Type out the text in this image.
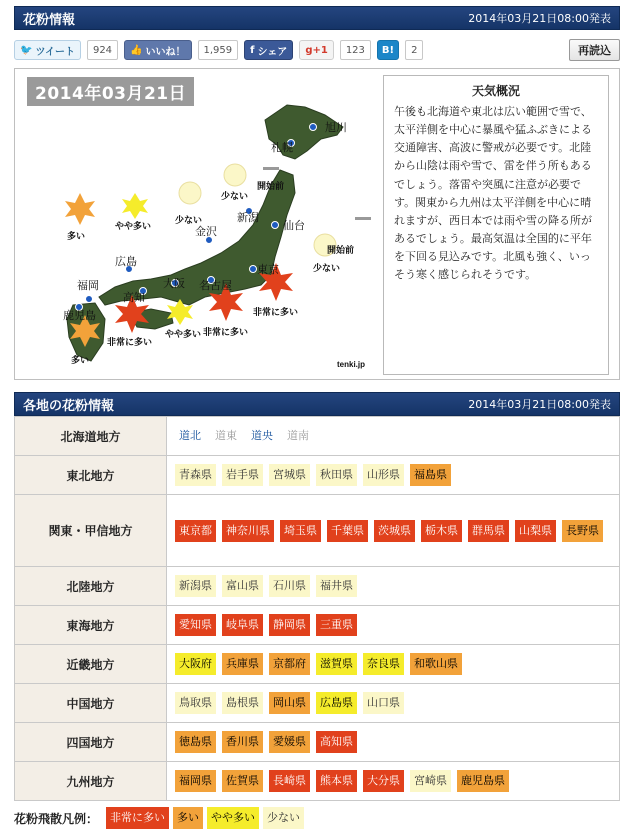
花粉情報	2014年03月21日08:00発表
🐦 ツイート	924	👍 いいね！	1,959	f シェア	g+1	123	B!	2	再読込
旭川
札幌
仙台
新潟
金沢
東京
名古屋
大阪
広島
高知
福岡
鹿児島
開始前
開始前
少ない
少ない
少ない
やや多い
やや多い
多い
多い
非常に多い
非常に多い
非常に多い
tenki.jp
2014年03月21日	天気概況

午後も北海道や東北は広い範囲で雪で、太平洋側を中心に暴風や猛ふぶきによる交通障害、高波に警戒が必要です。北陸から山陰は雨や雪で、雷を伴う所もあるでしょう。落雷や突風に注意が必要です。関東から九州は太平洋側を中心に晴れますが、西日本では雨や雪の降る所があるでしょう。最高気温は全国的に平年を下回る見込みです。北風も強く、いっそう寒く感じられそうです。

各地の花粉情報	2014年03月21日08:00発表
北海道地方	道北 道東 道央 道南
東北地方	青森県 岩手県 宮城県 秋田県 山形県 福島県
関東・甲信地方	東京都 神奈川県 埼玉県 千葉県 茨城県 栃木県 群馬県 山梨県 長野県
北陸地方	新潟県 富山県 石川県 福井県
東海地方	愛知県 岐阜県 静岡県 三重県
近畿地方	大阪府 兵庫県 京都府 滋賀県 奈良県 和歌山県
中国地方	鳥取県 島根県 岡山県 広島県 山口県
四国地方	徳島県 香川県 愛媛県 高知県
九州地方	福岡県 佐賀県 長崎県 熊本県 大分県 宮崎県 鹿児島県
花粉飛散凡例：	非常に多い	多い	やや多い	少ない
